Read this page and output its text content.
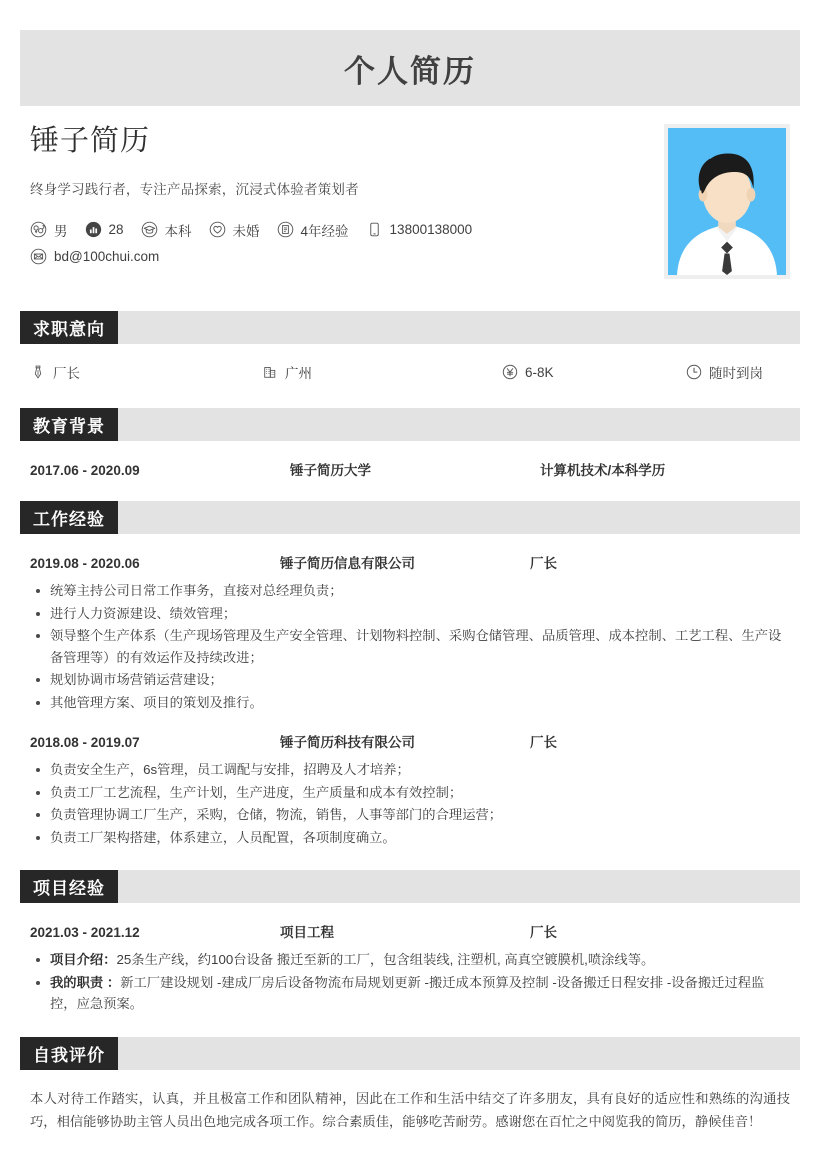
个人简历
锤子简历
终身学习践行者，专注产品探索，沉浸式体验者策划者
男	28	本科	未婚	4年经验	13800138000
bd@100chui.com
求职意向
厂长	广州	6-8K	随时到岗
教育背景
2017.06 - 2020.09	锤子简历大学	计算机技术/本科学历
工作经验
2019.08 - 2020.06	锤子简历信息有限公司	厂长
统筹主持公司日常工作事务，直接对总经理负责；
进行人力资源建设、绩效管理；
领导整个生产体系（生产现场管理及生产安全管理、计划物料控制、采购仓储管理、品质管理、成本控制、工艺工程、生产设备管理等）的有效运作及持续改进；
规划协调市场营销运营建设；
其他管理方案、项目的策划及推行。
2018.08 - 2019.07	锤子简历科技有限公司	厂长
负责安全生产，6s管理，员工调配与安排，招聘及人才培养；
负责工厂工艺流程，生产计划，生产进度，生产质量和成本有效控制；
负责管理协调工厂生产，采购，仓储，物流，销售，人事等部门的合理运营；
负责工厂架构搭建，体系建立，人员配置，各项制度确立。
项目经验
2021.03 - 2021.12	项目工程	厂长
项目介绍：25条生产线，约100台设备 搬迁至新的工厂，包含组装线, 注塑机, 高真空镀膜机,喷涂线等。
我的职责 ：新工厂建设规划 -建成厂房后设备物流布局规划更新 -搬迁成本预算及控制 -设备搬迁日程安排 -设备搬迁过程监控，应急预案。
自我评价
本人对待工作踏实，认真，并且极富工作和团队精神，因此在工作和生活中结交了许多朋友，具有良好的适应性和熟练的沟通技巧，相信能够协助主管人员出色地完成各项工作。综合素质佳，能够吃苦耐劳。感谢您在百忙之中阅览我的简历，静候佳音！
